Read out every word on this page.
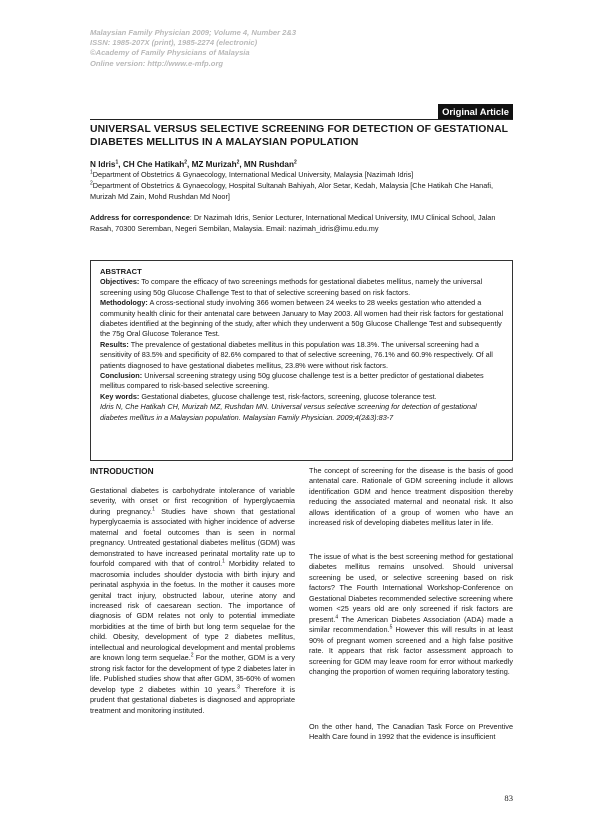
Malaysian Family Physician 2009; Volume 4, Number 2&3
ISSN: 1985-207X (print), 1985-2274 (electronic)
©Academy of Family Physicians of Malaysia
Online version: http://www.e-mfp.org
Original Article
UNIVERSAL VERSUS SELECTIVE SCREENING FOR DETECTION OF GESTATIONAL DIABETES MELLITUS IN A MALAYSIAN POPULATION
N Idris$^1$, CH Che Hatikah$^2$, MZ Murizah$^2$, MN Rushdan$^2$
$^1$Department of Obstetrics & Gynaecology, International Medical University, Malaysia [Nazimah Idris]
$^2$Department of Obstetrics & Gynaecology, Hospital Sultanah Bahiyah, Alor Setar, Kedah, Malaysia [Che Hatikah Che Hanafi, Murizah Md Zain, Mohd Rushdan Md Noor]
Address for correspondence: Dr Nazimah Idris, Senior Lecturer, International Medical University, IMU Clinical School, Jalan Rasah, 70300 Seremban, Negeri Sembilan, Malaysia. Email: nazimah_idris@imu.edu.my

ABSTRACT

Objectives: To compare the efficacy of two screenings methods for gestational diabetes mellitus, namely the universal screening using 50g Glucose Challenge Test to that of selective screening based on risk factors.

Methodology: A cross-sectional study involving 366 women between 24 weeks to 28 weeks gestation who attended a community health clinic for their antenatal care between January to May 2003. All women had their risk factors for gestational diabetes identified at the beginning of the study, after which they underwent a 50g Glucose Challenge Test and subsequently the 75g Oral Glucose Tolerance Test.

Results: The prevalence of gestational diabetes mellitus in this population was 18.3%. The universal screening had a sensitivity of 83.5% and specificity of 82.6% compared to that of selective screening, 76.1% and 60.9% respectively. Of all patients diagnosed to have gestational diabetes mellitus, 23.8% were without risk factors.

Conclusion: Universal screening strategy using 50g glucose challenge test is a better predictor of gestational diabetes mellitus compared to risk-based selective screening.

Key words: Gestational diabetes, glucose challenge test, risk-factors, screening, glucose tolerance test.

Idris N, Che Hatikah CH, Murizah MZ, Rushdan MN. Universal versus selective screening for detection of gestational diabetes mellitus in a Malaysian population. Malaysian Family Physician. 2009;4(2&3):83-7

INTRODUCTION
Gestational diabetes is carbohydrate intolerance of variable severity, with onset or first recognition of hyperglycaemia during pregnancy.$^1$ Studies have shown that gestational hyperglycaemia is associated with higher incidence of adverse maternal and foetal outcomes than is seen in normal pregnancy. Untreated gestational diabetes mellitus (GDM) was demonstrated to have increased perinatal mortality rate up to fourfold compared with that of control.$^1$ Morbidity related to macrosomia includes shoulder dystocia with birth injury and perinatal asphyxia in the foetus. In the mother it causes more genital tract injury, obstructed labour, uterine atony and increased risk of caesarean section. The importance of diagnosis of GDM relates not only to potential immediate morbidities at the time of birth but long term sequelae for the child. Obesity, development of type 2 diabetes mellitus, intellectual and neurological development and mental problems are known long term sequelae.$^2$ For the mother, GDM is a very strong risk factor for the development of type 2 diabetes later in life. Published studies show that after GDM, 35-60% of women develop type 2 diabetes within 10 years.$^3$ Therefore it is prudent that gestational diabetes is diagnosed and appropriate treatment and monitoring instituted.
The concept of screening for the disease is the basis of good antenatal care. Rationale of GDM screening include it allows identification GDM and hence treatment disposition thereby reducing the associated maternal and neonatal risk. It also allows identification of a group of women who have an increased risk of developing diabetes mellitus later in life.
The issue of what is the best screening method for gestational diabetes mellitus remains unsolved. Should universal screening be used, or selective screening based on risk factors? The Fourth International Workshop-Conference on Gestational Diabetes recommended selective screening where women <25 years old are only screened if risk factors are present.$^4$ The American Diabetes Association (ADA) made a similar recommendation.$^5$ However this will results in at least 90% of pregnant women screened and a high false positive rate. It appears that risk factor assessment approach to screening for GDM may leave room for error without markedly changing the proportion of women requiring laboratory testing.
On the other hand, The Canadian Task Force on Preventive Health Care found in 1992 that the evidence is insufficient
83
